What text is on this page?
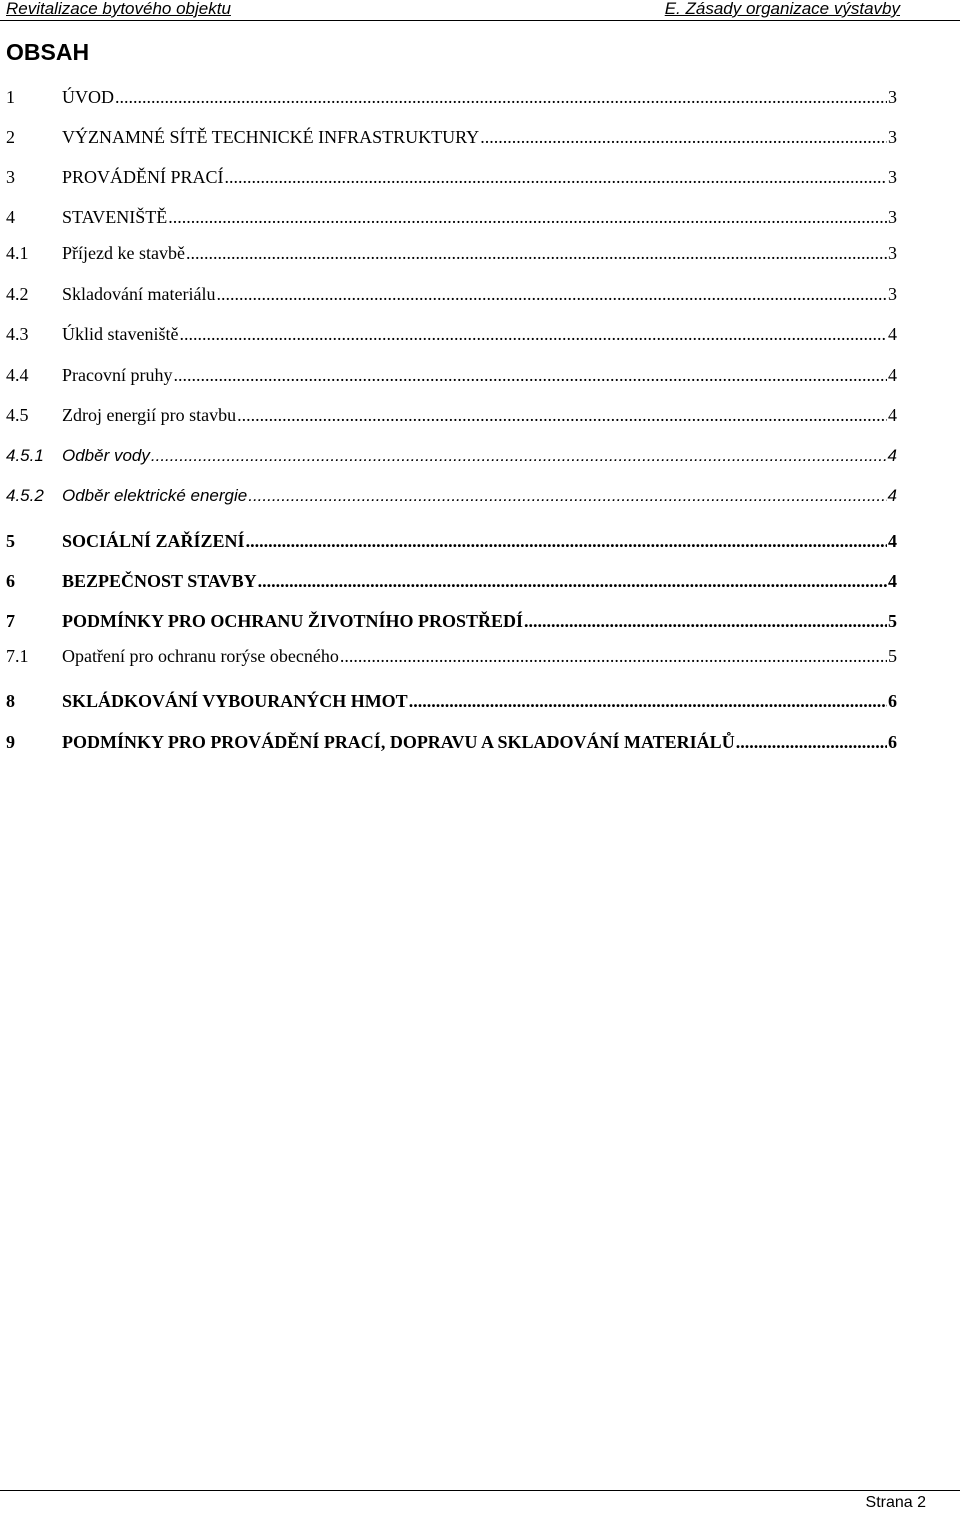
Revitalizace bytového objektu	E. Zásady organizace výstavby
OBSAH
1	ÚVOD .....	3
2	VÝZNAMNÉ SÍTĚ TECHNICKÉ INFRASTRUKTURY .....	3
3	PROVÁDĚNÍ PRACÍ .....	3
4	STAVENIŠTĚ .....	3
4.1	Příjezd ke stavbě .....	3
4.2	Skladování materiálu .....	3
4.3	Úklid staveniště .....	4
4.4	Pracovní pruhy .....	4
4.5	Zdroj energií pro stavbu .....	4
4.5.1	Odběr vody .....	4
4.5.2	Odběr elektrické energie .....	4
5	SOCIÁLNÍ ZAŘÍZENÍ .....	4
6	BEZPEČNOST STAVBY .....	4
7	PODMÍNKY PRO OCHRANU ŽIVOTNÍHO PROSTŘEDÍ .....	5
7.1	Opatření pro ochranu rorýse obecného .....	5
8	SKLÁDKOVÁNÍ VYBOURANÝCH HMOT .....	6
9	PODMÍNKY PRO PROVÁDĚNÍ PRACÍ, DOPRAVU A SKLADOVÁNÍ MATERIÁLŮ .....	6
Strana 2
